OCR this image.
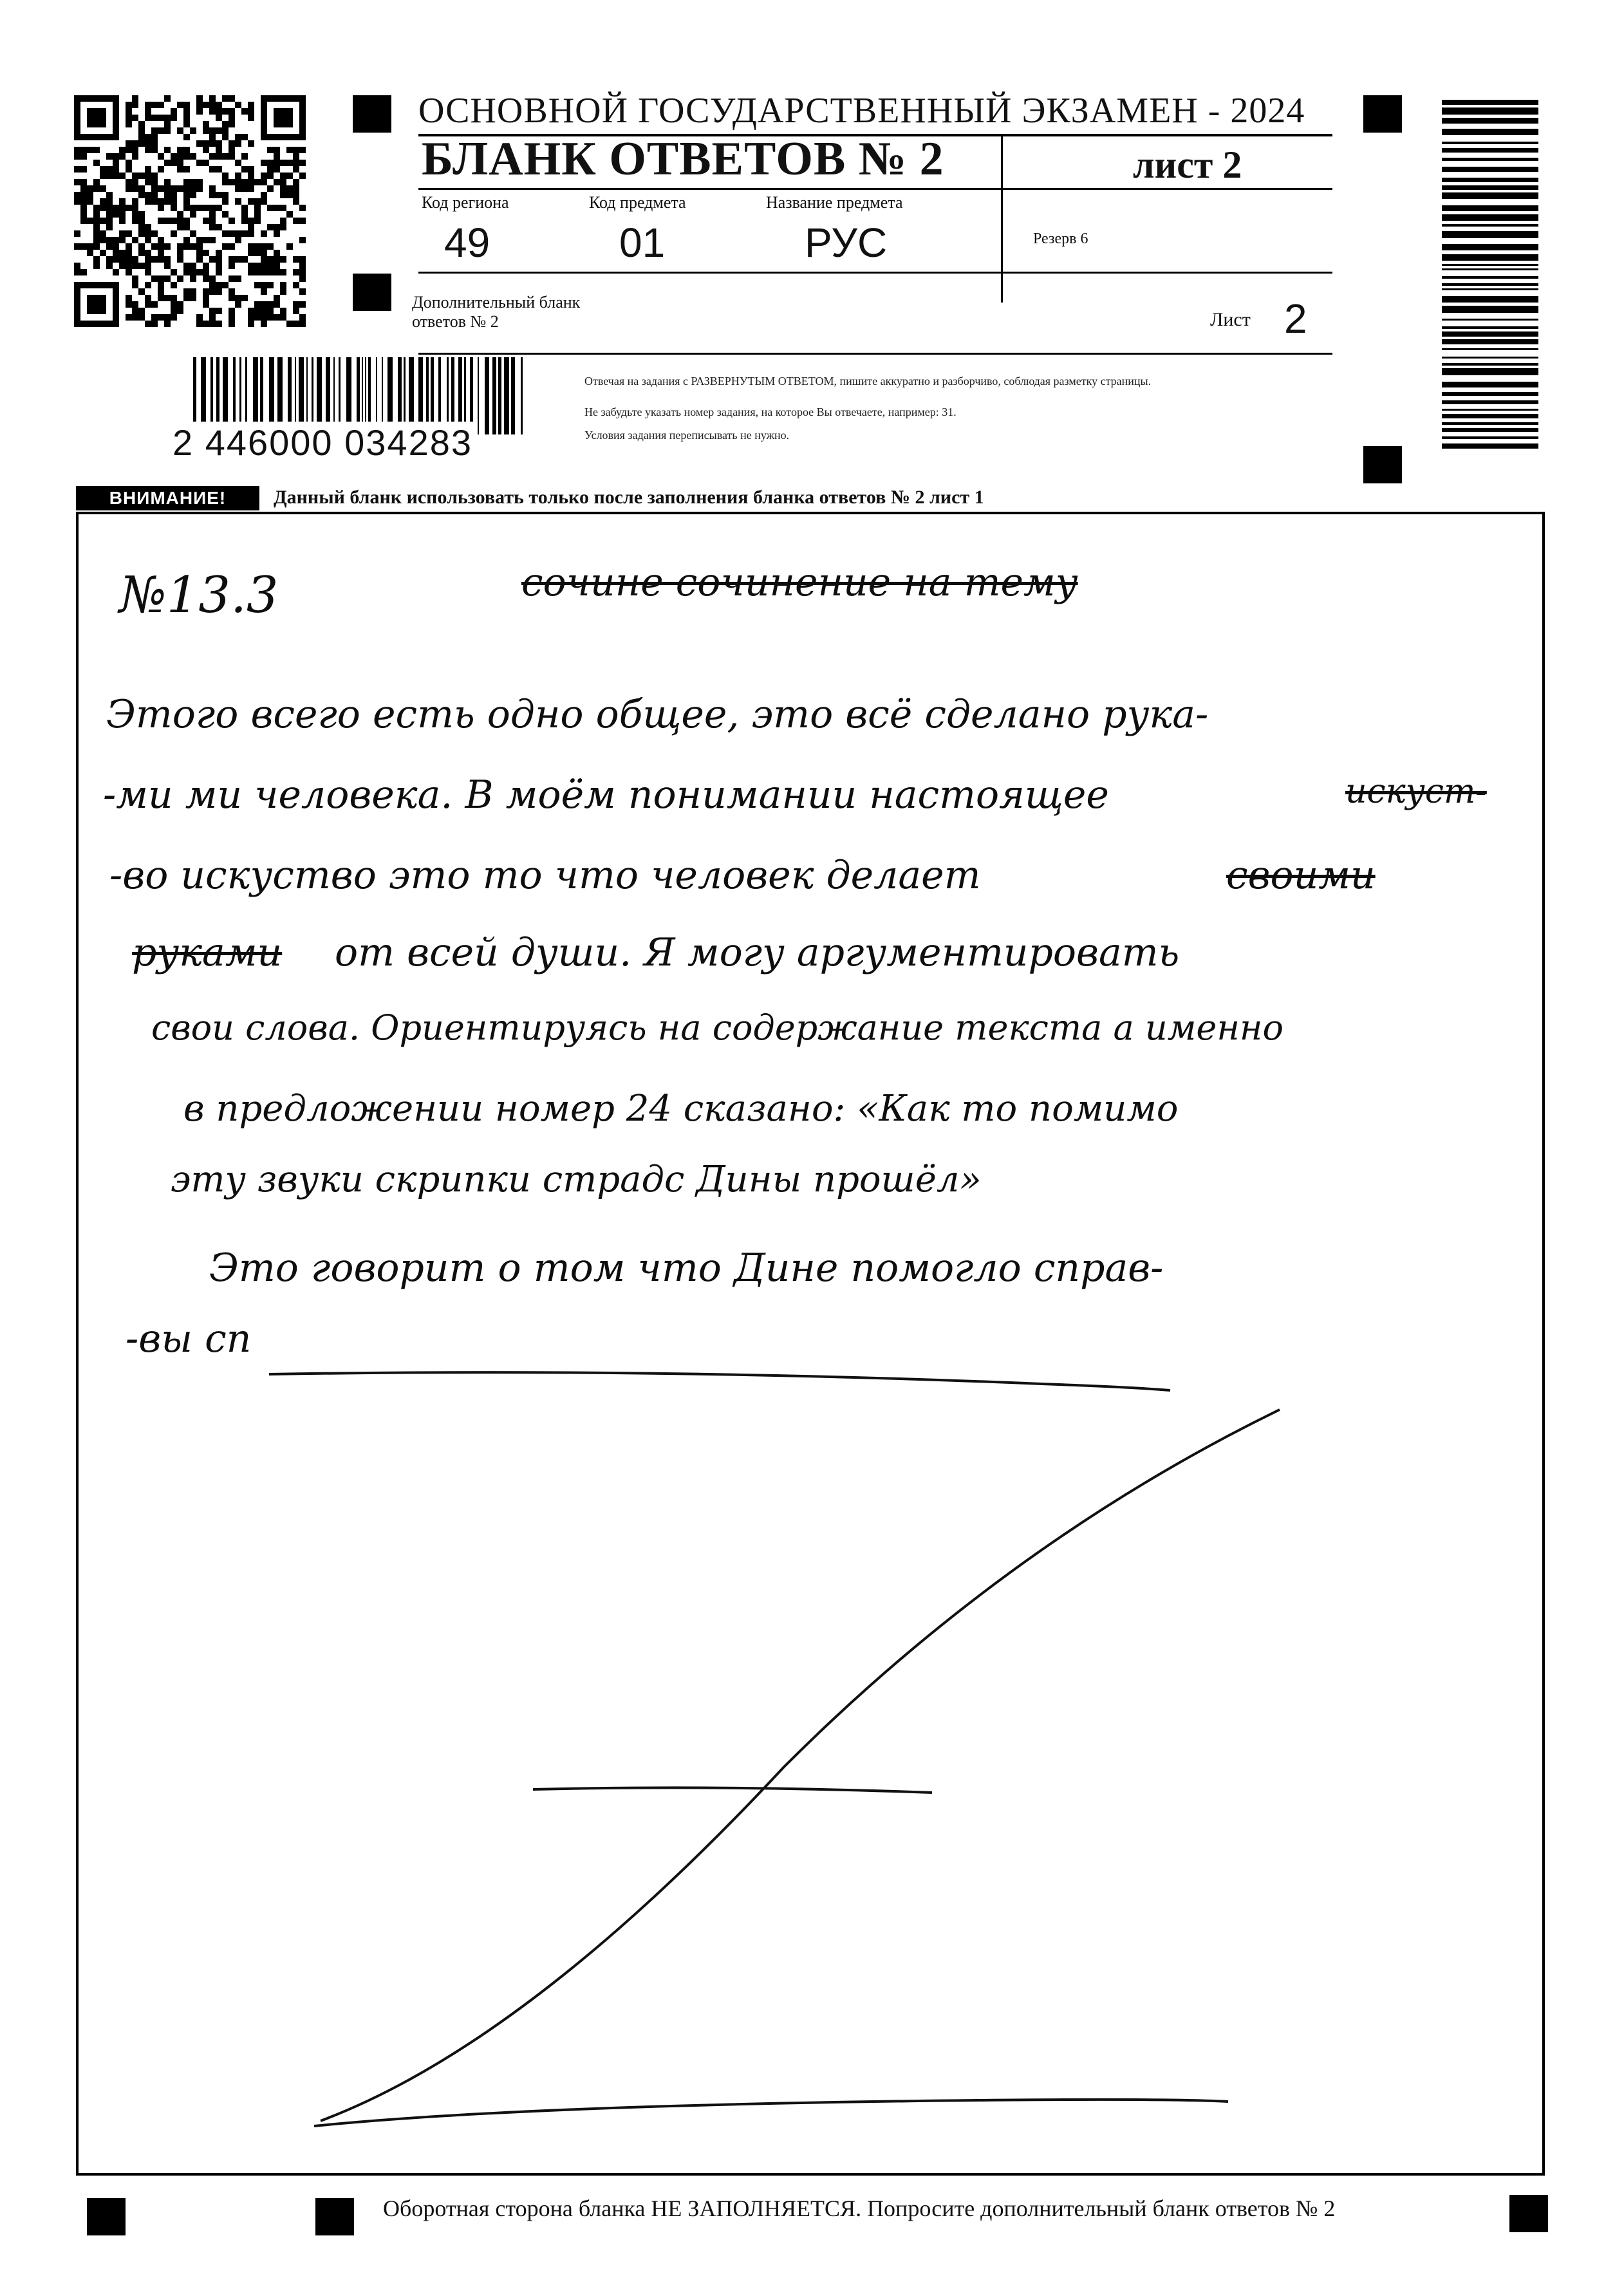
ОСНОВНОЙ ГОСУДАРСТВЕННЫЙ ЭКЗАМЕН - 2024
БЛАНК ОТВЕТОВ № 2	лист 2
Код региона	Код предмета	Название предмета
49	01	РУС	Резерв 6
Дополнительный бланк ответов № 2	Лист 2
Отвечая на задания с РАЗВЕРНУТЫМ ОТВЕТОМ, пишите аккуратно и разборчиво, соблюдая разметку страницы.
Не забудьте указать номер задания, на которое Вы отвечаете, например: 31.
Условия задания переписывать не нужно.
2 446000 034283
ВНИМАНИЕ!	Данный бланк использовать только после заполнения бланка ответов № 2 лист 1
№13.3	сочине сочинение на тему
Этого всего есть одно общее, это всё сделано рука-
-ми ми человека. В моём понимании настоящее	искуст-
-во искуство это то что человек делает	своими
руками от всей души. Я могу аргументировать
свои слова. Ориентируясь на содержание текста а именно
в предложении номер 24 сказано: «Как то помимо
эту звуки скрипки страдс Дины прошёл»
Это говорит о том что Дине помогло справ-
-вы сп
Оборотная сторона бланка НЕ ЗАПОЛНЯЕТСЯ. Попросите дополнительный бланк ответов № 2
